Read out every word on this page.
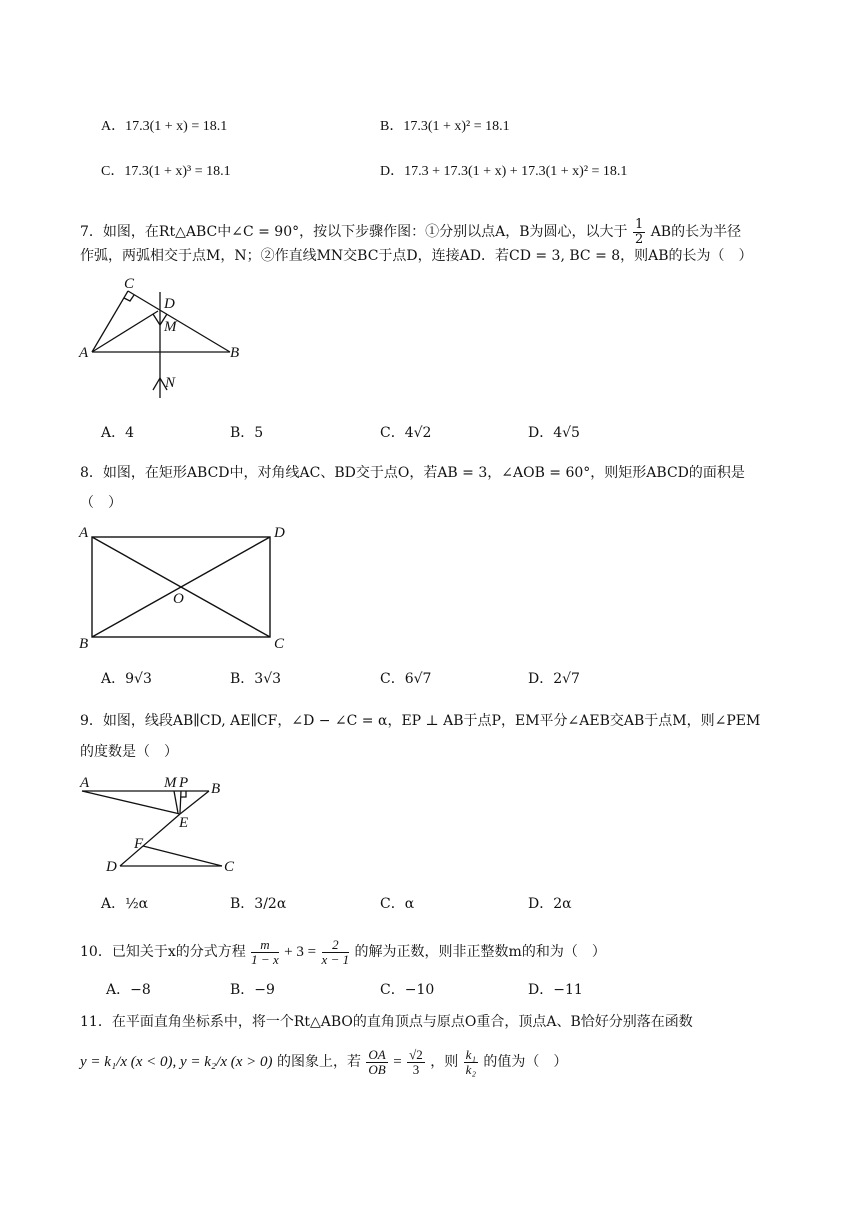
A．17.3(1 + x) = 18.1	B．17.3(1 + x)² = 18.1
C．17.3(1 + x)³ = 18.1	D．17.3 + 17.3(1 + x) + 17.3(1 + x)² = 18.1
7．如图，在Rt△ABC中∠C = 90°，按以下步骤作图：①分别以点A，B为圆心，以大于 $\frac{1}{2}$ AB的长为半径
作弧，两弧相交于点M，N；②作直线MN交BC于点D，连接AD．若CD = 3, BC = 8，则AB的长为（　）
C
D
M
A	B
N
A．4	B．5	C．4√2	D．4√5
8．如图，在矩形ABCD中，对角线AC、BD交于点O，若AB = 3，∠AOB = 60°，则矩形ABCD的面积是
（　）
A	D
O
B	C
A．9√3	B．3√3	C．6√7	D．2√7
9．如图，线段AB∥CD, AE∥CF，∠D − ∠C = α，EP ⊥ AB于点P，EM平分∠AEB交AB于点M，则∠PEM
的度数是（　）
A	M P B
E
F
D	C
A．½α	B．3/2α	C．α	D．2α
10．已知关于x的分式方程 $\frac{m}{1 - x} + 3 = \frac{2}{x - 1}$ 的解为正数，则非正整数m的和为（　）
A．−8	B．−9	C．−10	D．−11
11．在平面直角坐标系中，将一个Rt△ABO的直角顶点与原点O重合，顶点A、B恰好分别落在函数
y = k₁/x (x < 0), y = k₂/x (x > 0) 的图象上，若 $\frac{OA}{OB} = \frac{√2}{3}$ ，则 $\frac{\text{k₁}}{\text{k₂}}$ 的值为（　）
